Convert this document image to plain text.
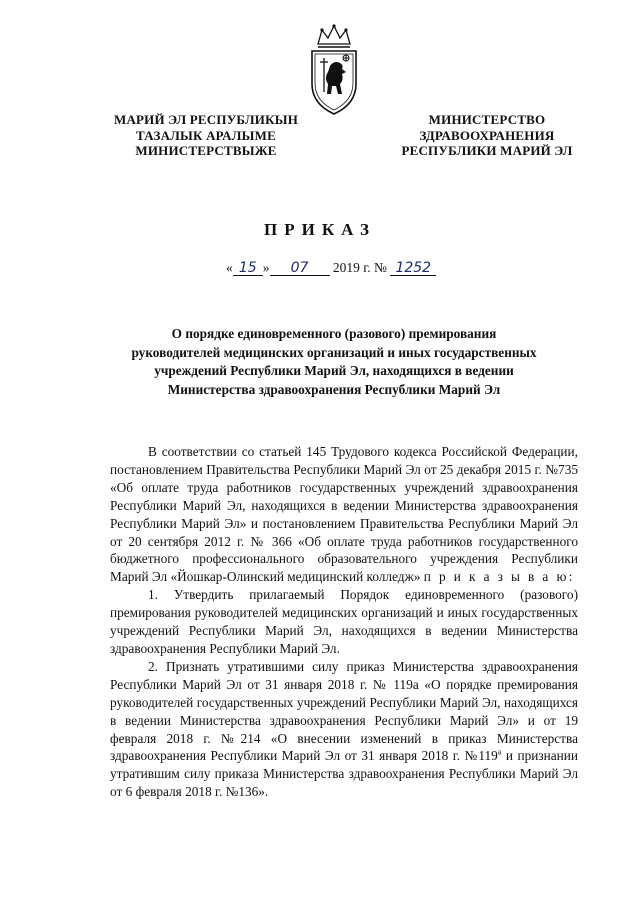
МАРИЙ ЭЛ РЕСПУБЛИКЫН
ТАЗАЛЫК АРАЛЫМЕ
МИНИСТЕРСТВЫЖЕ
МИНИСТЕРСТВО
ЗДРАВООХРАНЕНИЯ
РЕСПУБЛИКИ МАРИЙ ЭЛ
ПРИКАЗ
« 15 » 07 2019 г. № 1252
О порядке единовременного (разового) премирования
руководителей медицинских организаций и иных государственных
учреждений Республики Марий Эл, находящихся в ведении
Министерства здравоохранения Республики Марий Эл

В соответствии со статьей 145 Трудового кодекса Российской Федерации, постановлением Правительства Республики Марий Эл от 25 декабря 2015 г. №735 «Об оплате труда работников государственных учреждений здравоохранения Республики Марий Эл, находящихся в ведении Министерства здравоохранения Республики Марий Эл» и постановлением Правительства Республики Марий Эл от 20 сентября 2012 г. № 366 «Об оплате труда работников государственного бюджетного профессионального образовательного учреждения Республики Марий Эл «Йошкар-Олинский медицинский колледж» п р и к а з ы в а ю:

1. Утвердить прилагаемый Порядок единовременного (разового) премирования руководителей медицинских организаций и иных государственных учреждений Республики Марий Эл, находящихся в ведении Министерства здравоохранения Республики Марий Эл.

2. Признать утратившими силу приказ Министерства здравоохранения Республики Марий Эл от 31 января 2018 г. № 119а «О порядке премирования руководителей государственных учреждений Республики Марий Эл, находящихся в ведении Министерства здравоохранения Республики Марий Эл» и от 19 февраля 2018 г. №214 «О внесении изменений в приказ Министерства здравоохранения Республики Марий Эл от 31 января 2018 г. $№119^а$ и признании утратившим силу приказа Министерства здравоохранения Республики Марий Эл от 6 февраля 2018 г. №136».
